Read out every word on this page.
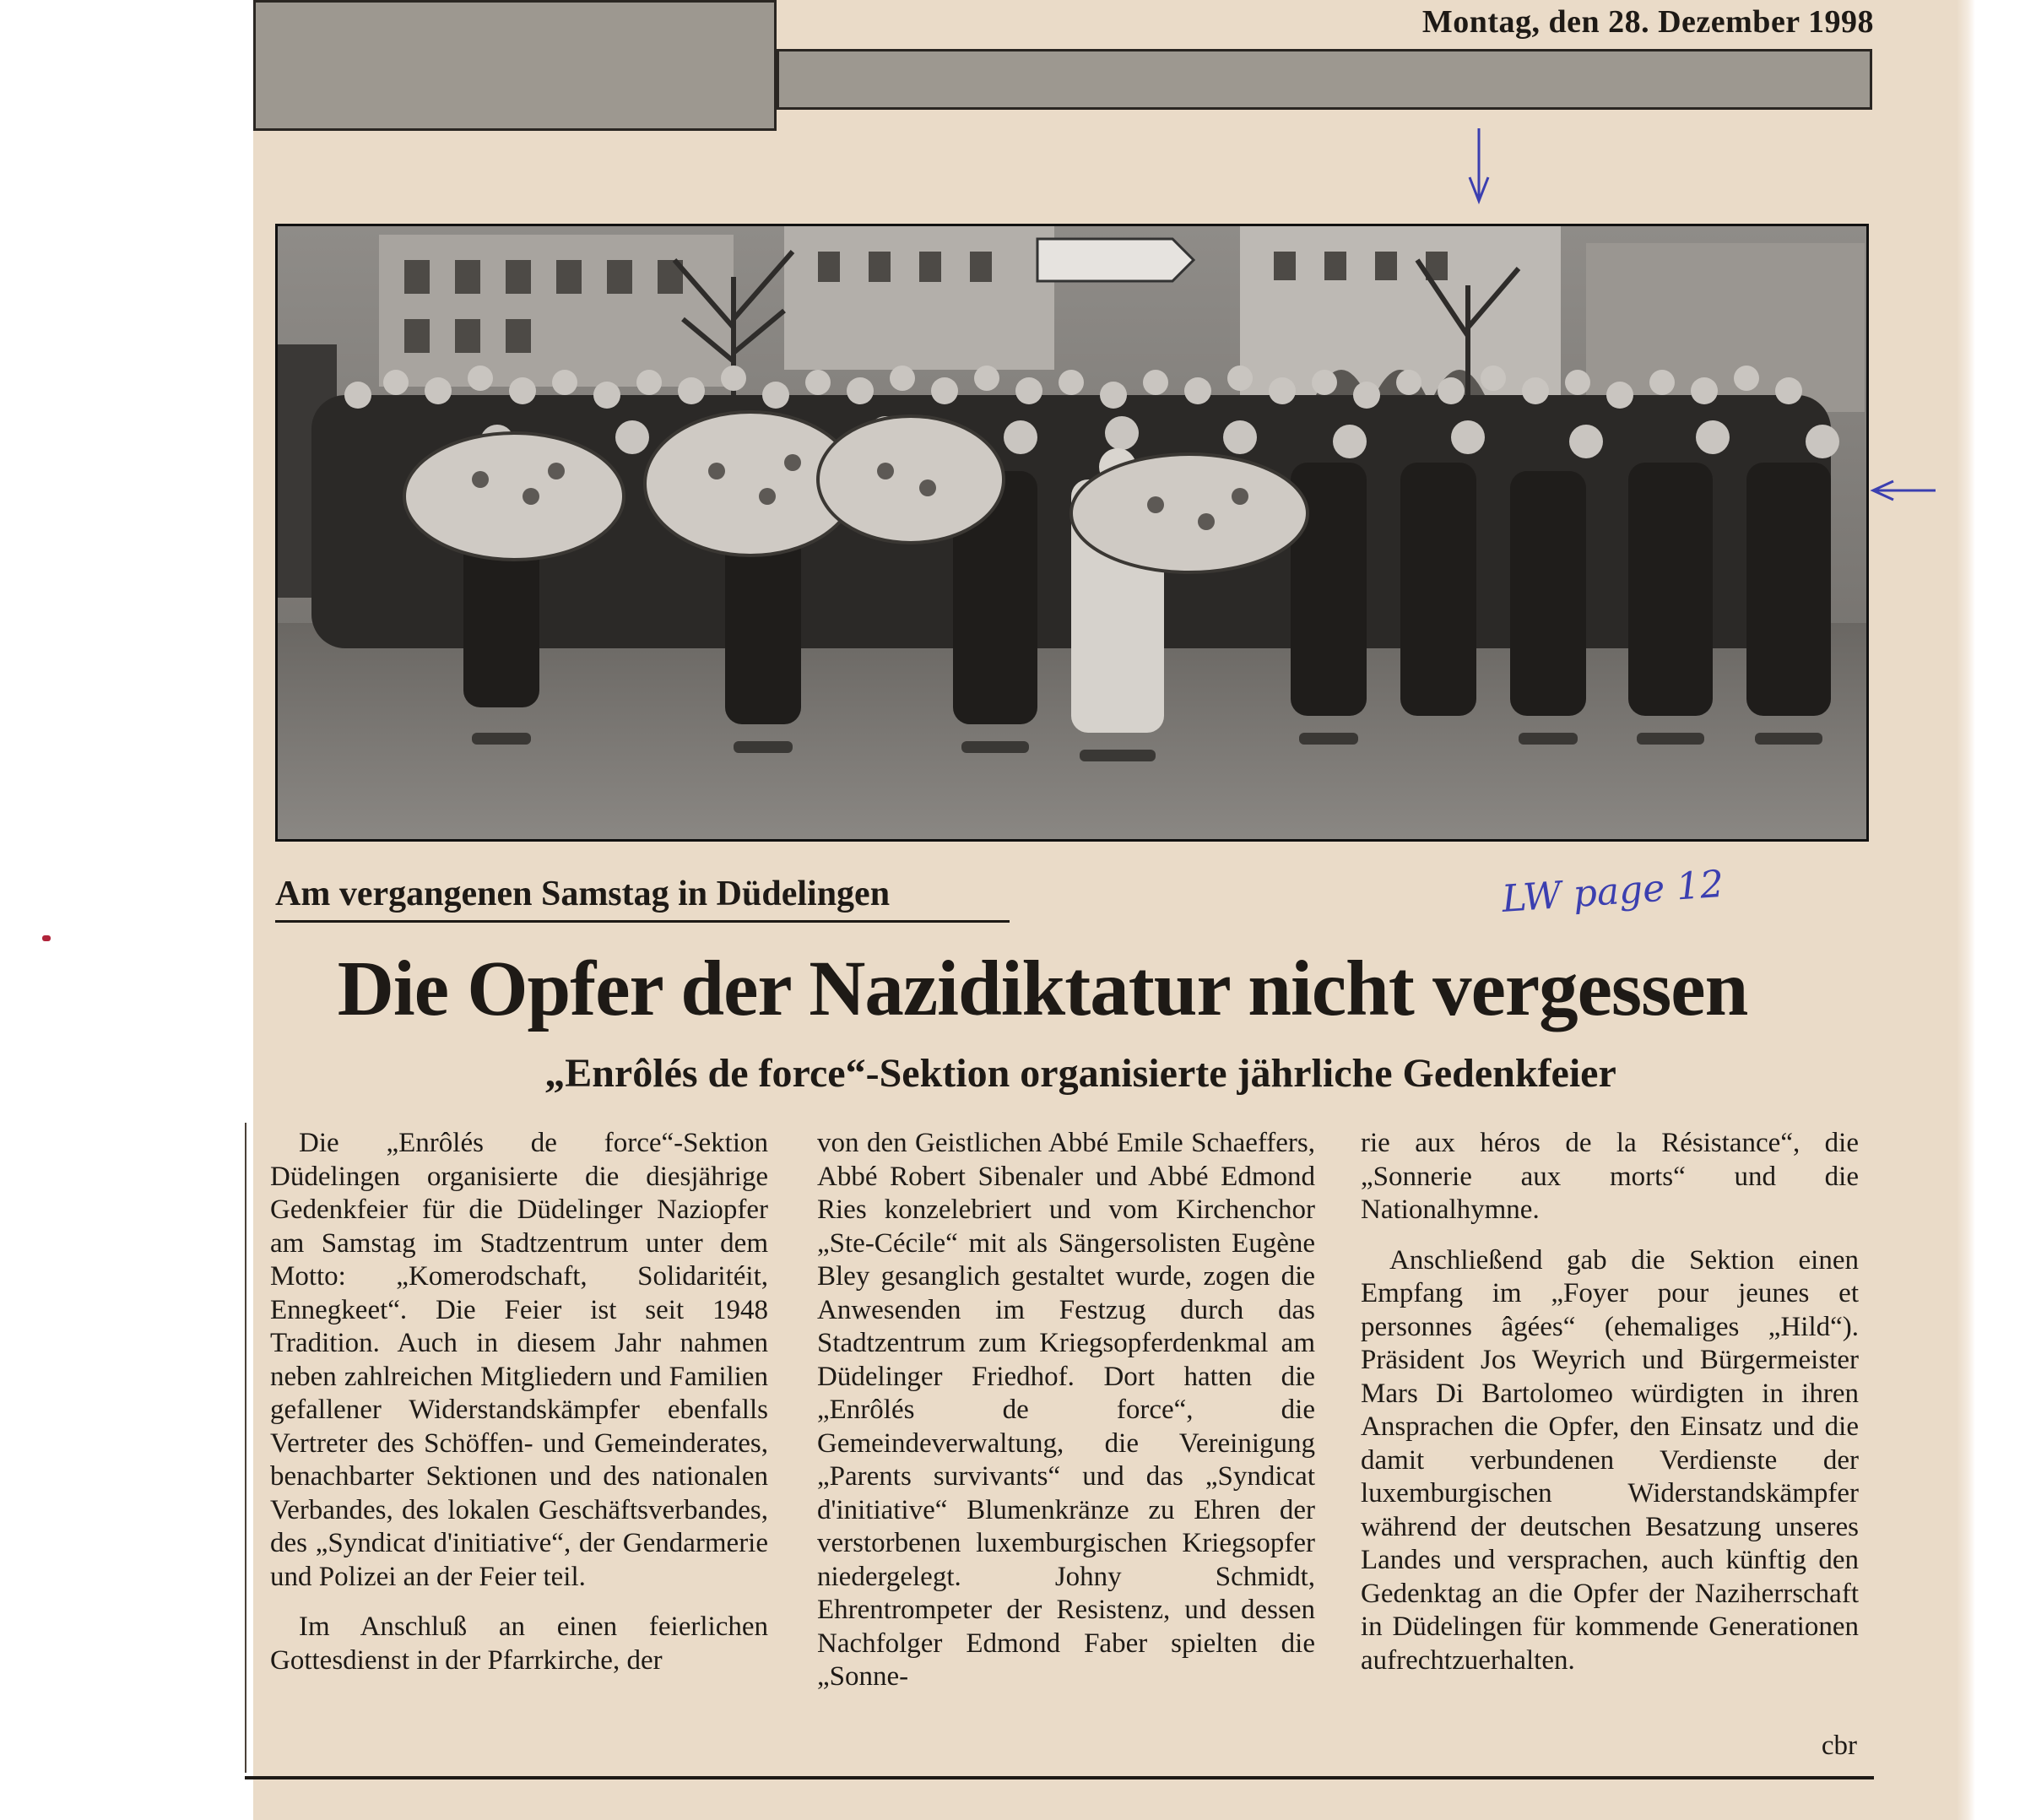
Montag, den 28. Dezember 1998
Am vergangenen Samstag in Düdelingen	LW page 12
Die Opfer der Nazidiktatur nicht vergessen
„Enrôlés de force“-Sektion organisierte jährliche Gedenkfeier

Die „Enrôlés de force“-Sektion Düdelingen organisierte die diesjährige Gedenkfeier für die Düdelinger Naziopfer am Samstag im Stadtzentrum unter dem Motto: „Komerodschaft, Solidaritéit, Ennegkeet“. Die Feier ist seit 1948 Tradition. Auch in diesem Jahr nahmen neben zahlreichen Mitgliedern und Familien gefallener Widerstandskämpfer ebenfalls Vertreter des Schöffen- und Gemeinderates, benachbarter Sektionen und des nationalen Verbandes, des lokalen Geschäftsverbandes, des „Syndicat d'initiative“, der Gendarmerie und Polizei an der Feier teil.

Im Anschluß an einen feierlichen Gottesdienst in der Pfarrkirche, der

von den Geistlichen Abbé Emile Schaeffers, Abbé Robert Sibenaler und Abbé Edmond Ries konzelebriert und vom Kirchenchor „Ste-Cécile“ mit als Sängersolisten Eugène Bley gesanglich gestaltet wurde, zogen die Anwesenden im Festzug durch das Stadtzentrum zum Kriegsopferdenkmal am Düdelinger Friedhof. Dort hatten die „Enrôlés de force“, die Gemeindeverwaltung, die Vereinigung „Parents survivants“ und das „Syndicat d'initiative“ Blumenkränze zu Ehren der verstorbenen luxemburgischen Kriegsopfer niedergelegt. Johny Schmidt, Ehrentrompeter der Resistenz, und dessen Nachfolger Edmond Faber spielten die „Sonne-

rie aux héros de la Résistance“, die „Sonnerie aux morts“ und die Nationalhymne.

Anschließend gab die Sektion einen Empfang im „Foyer pour jeunes et personnes âgées“ (ehemaliges „Hild“). Präsident Jos Weyrich und Bürgermeister Mars Di Bartolomeo würdigten in ihren Ansprachen die Opfer, den Einsatz und die damit verbundenen Verdienste der luxemburgischen Widerstandskämpfer während der deutschen Besatzung unseres Landes und versprachen, auch künftig den Gedenktag an die Opfer der Naziherrschaft in Düdelingen für kommende Generationen aufrechtzuerhalten.

cbr
